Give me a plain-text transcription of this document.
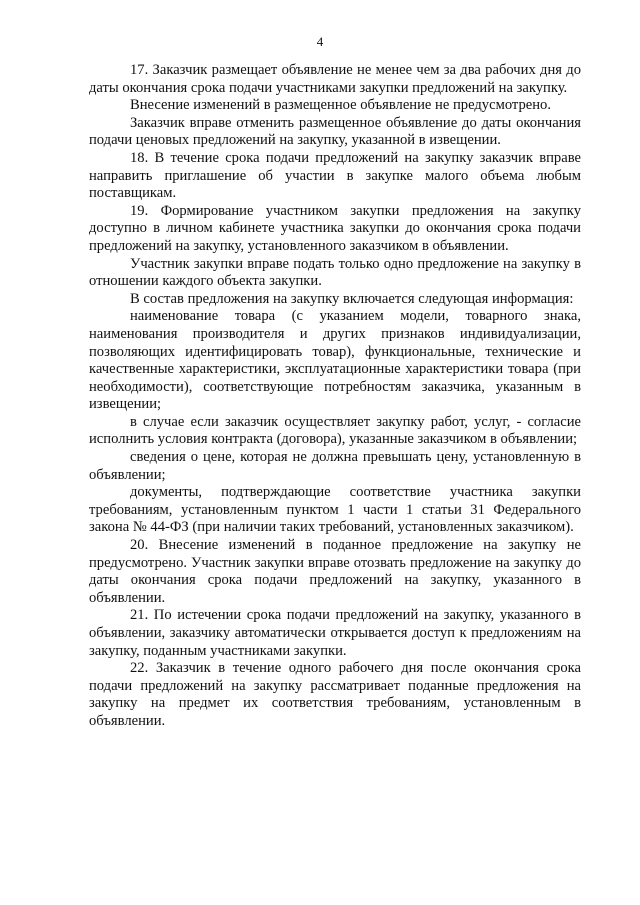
4

17. Заказчик размещает объявление не менее чем за два рабочих дня до даты окончания срока подачи участниками закупки предложений на закупку.

Внесение изменений в размещенное объявление не предусмотрено.

Заказчик вправе отменить размещенное объявление до даты окончания подачи ценовых предложений на закупку, указанной в извещении.

18. В течение срока подачи предложений на закупку заказчик вправе направить приглашение об участии в закупке малого объема любым поставщикам.

19. Формирование участником закупки предложения на закупку доступно в личном кабинете участника закупки до окончания срока подачи предложений на закупку, установленного заказчиком в объявлении.

Участник закупки вправе подать только одно предложение на закупку в отношении каждого объекта закупки.

В состав предложения на закупку включается следующая информация:

наименование товара (с указанием модели, товарного знака, наименования производителя и других признаков индивидуализации, позволяющих идентифицировать товар), функциональные, технические и качественные характеристики, эксплуатационные характеристики товара (при необходимости), соответствующие потребностям заказчика, указанным в извещении;

в случае если заказчик осуществляет закупку работ, услуг, - согласие исполнить условия контракта (договора), указанные заказчиком в объявлении;

сведения о цене, которая не должна превышать цену, установленную в объявлении;

документы, подтверждающие соответствие участника закупки требованиям, установленным пунктом 1 части 1 статьи 31 Федерального закона № 44-ФЗ (при наличии таких требований, установленных заказчиком).

20. Внесение изменений в поданное предложение на закупку не предусмотрено. Участник закупки вправе отозвать предложение на закупку до даты окончания срока подачи предложений на закупку, указанного в объявлении.

21. По истечении срока подачи предложений на закупку, указанного в объявлении, заказчику автоматически открывается доступ к предложениям на закупку, поданным участниками закупки.

22. Заказчик в течение одного рабочего дня после окончания срока подачи предложений на закупку рассматривает поданные предложения на закупку на предмет их соответствия требованиям, установленным в объявлении.
